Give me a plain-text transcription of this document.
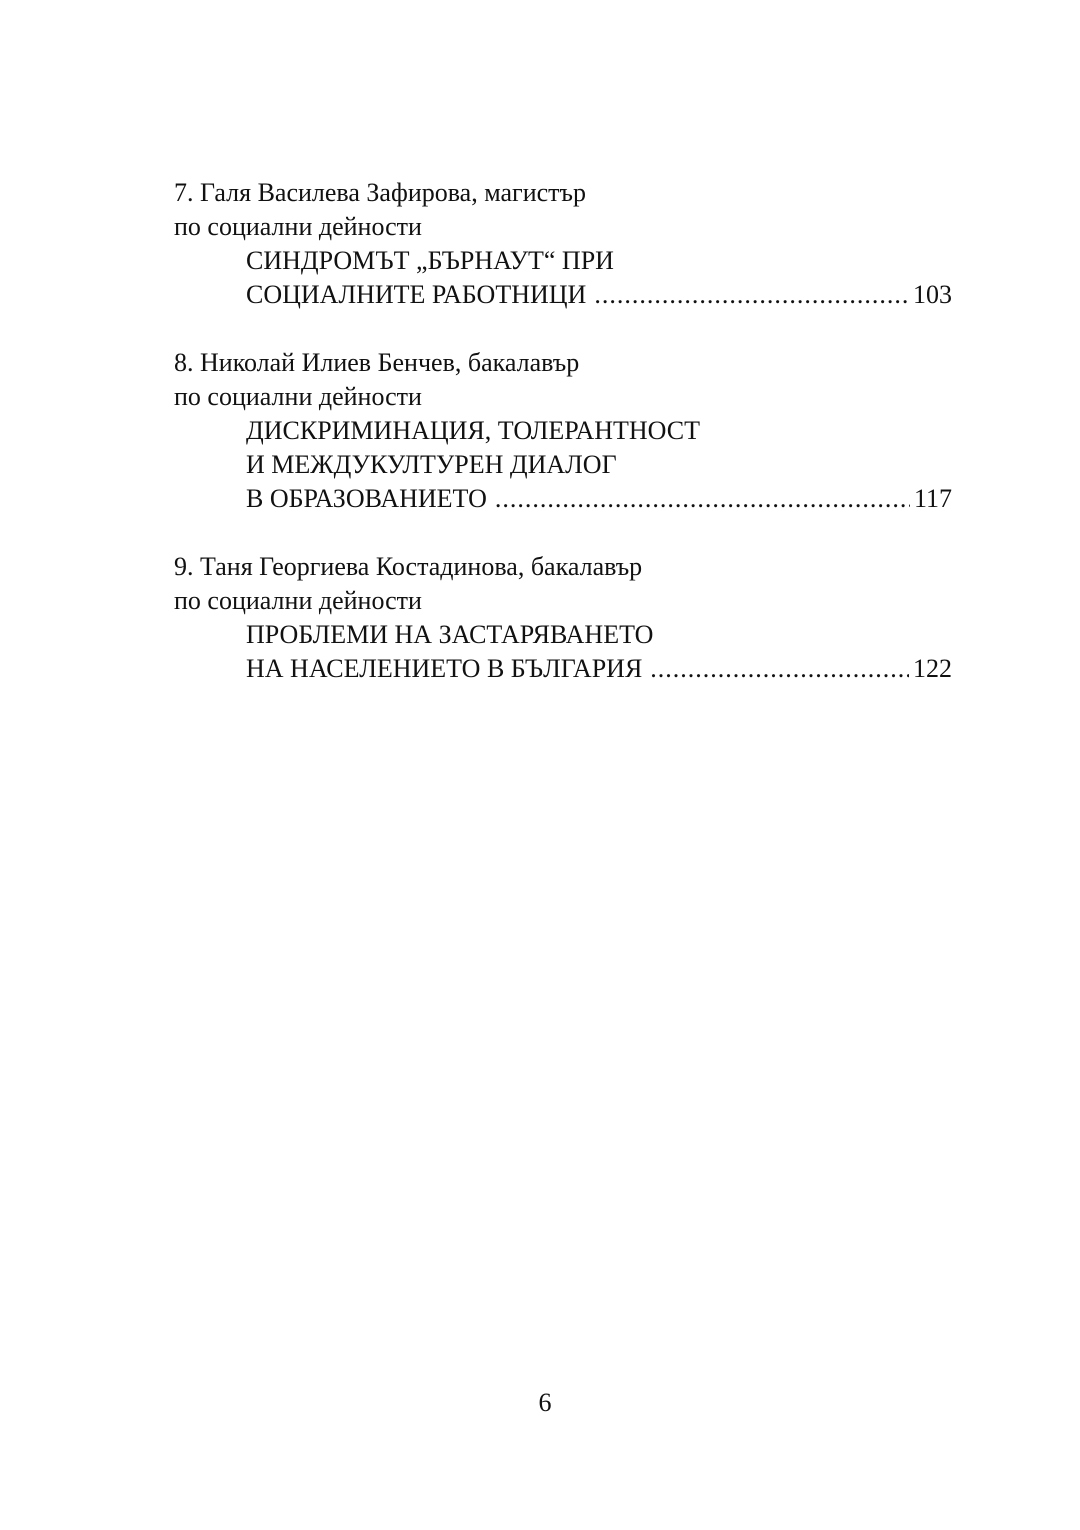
7. Галя Василева Зафирова, магистър
по социални дейности
СИНДРОМЪТ „БЪРНАУТ“ ПРИ
СОЦИАЛНИТЕ РАБОТНИЦИ .....	103
8. Николай Илиев Бенчев, бакалавър
по социални дейности
ДИСКРИМИНАЦИЯ, ТОЛЕРАНТНОСТ
И МЕЖДУКУЛТУРЕН ДИАЛОГ
В ОБРАЗОВАНИЕТО .....	117
9. Таня Георгиева Костадинова, бакалавър
по социални дейности
ПРОБЛЕМИ НА ЗАСТАРЯВАНЕТО
НА НАСЕЛЕНИЕТО В БЪЛГАРИЯ .....	122
6
